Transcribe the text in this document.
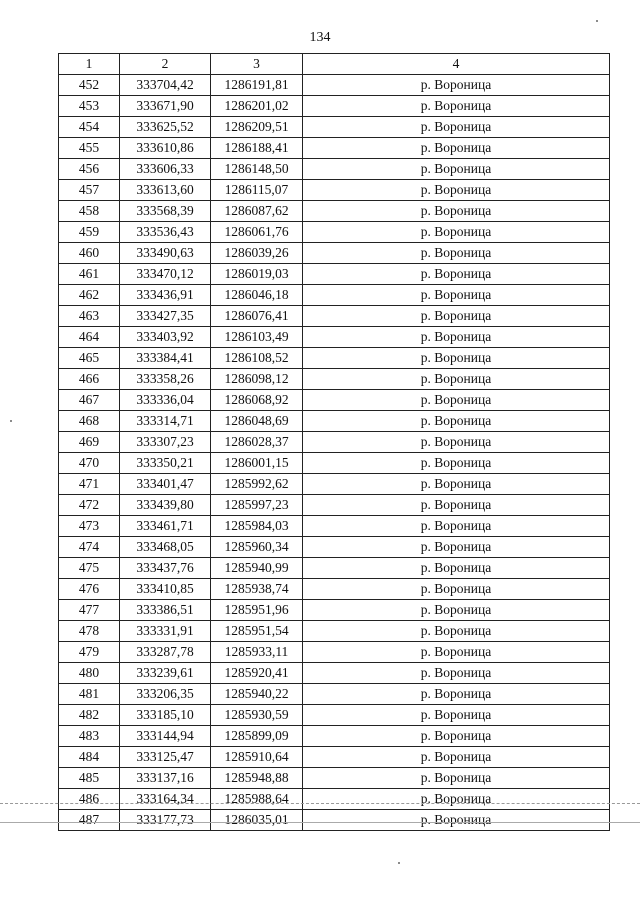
134
1	2	3	4
452	333704,42	1286191,81	р. Вороница
453	333671,90	1286201,02	р. Вороница
454	333625,52	1286209,51	р. Вороница
455	333610,86	1286188,41	р. Вороница
456	333606,33	1286148,50	р. Вороница
457	333613,60	1286115,07	р. Вороница
458	333568,39	1286087,62	р. Вороница
459	333536,43	1286061,76	р. Вороница
460	333490,63	1286039,26	р. Вороница
461	333470,12	1286019,03	р. Вороница
462	333436,91	1286046,18	р. Вороница
463	333427,35	1286076,41	р. Вороница
464	333403,92	1286103,49	р. Вороница
465	333384,41	1286108,52	р. Вороница
466	333358,26	1286098,12	р. Вороница
467	333336,04	1286068,92	р. Вороница
468	333314,71	1286048,69	р. Вороница
469	333307,23	1286028,37	р. Вороница
470	333350,21	1286001,15	р. Вороница
471	333401,47	1285992,62	р. Вороница
472	333439,80	1285997,23	р. Вороница
473	333461,71	1285984,03	р. Вороница
474	333468,05	1285960,34	р. Вороница
475	333437,76	1285940,99	р. Вороница
476	333410,85	1285938,74	р. Вороница
477	333386,51	1285951,96	р. Вороница
478	333331,91	1285951,54	р. Вороница
479	333287,78	1285933,11	р. Вороница
480	333239,61	1285920,41	р. Вороница
481	333206,35	1285940,22	р. Вороница
482	333185,10	1285930,59	р. Вороница
483	333144,94	1285899,09	р. Вороница
484	333125,47	1285910,64	р. Вороница
485	333137,16	1285948,88	р. Вороница
486	333164,34	1285988,64	р. Вороница
487	333177,73	1286035,01	р. Вороница
